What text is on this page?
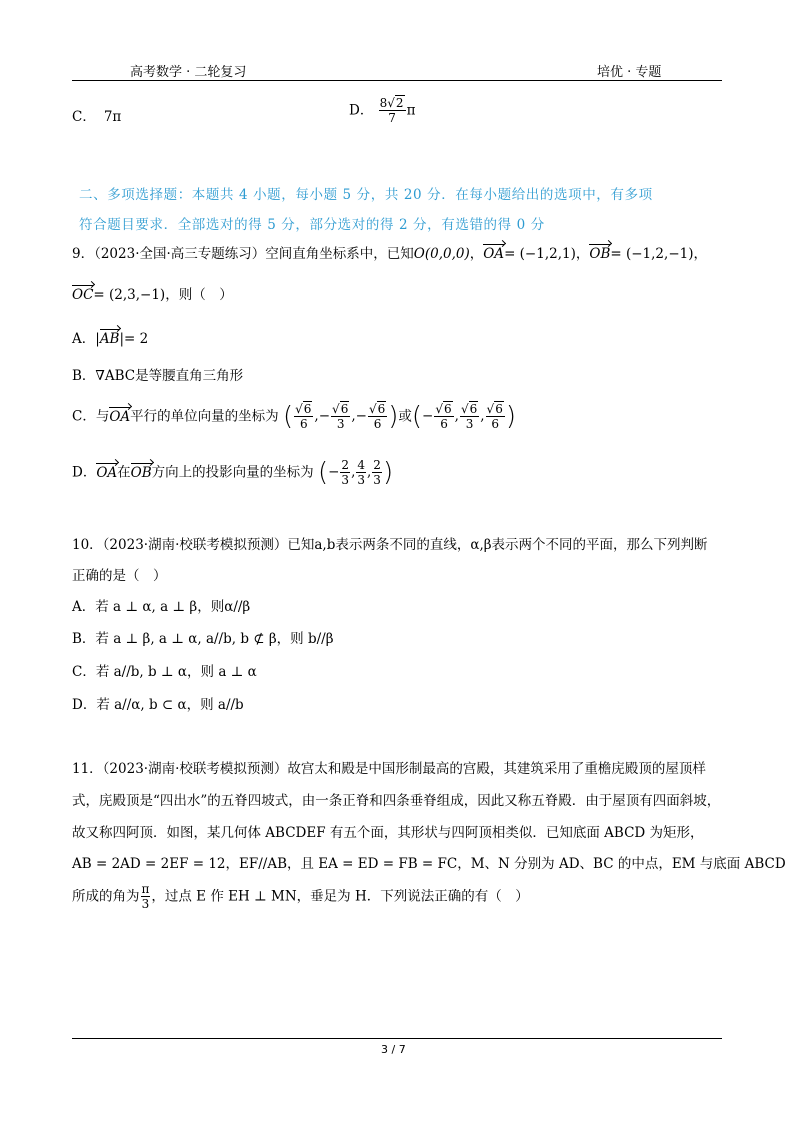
高考数学 · 二轮复习	培优 · 专题
C． 7π	D． $\frac{8√2}{7}$ π
二、多项选择题：本题共 4 小题，每小题 5 分，共 20 分．在每小题给出的选项中，有多项
符合题目要求．全部选对的得 5 分，部分选对的得 2 分，有选错的得 0 分
9．（2023·全国·高三专题练习）空间直角坐标系中，已知O(0,0,0)，OA= (−1,2,1)，OB= (−1,2,−1)，
OC= (2,3,−1)，则（　）
A．|AB|= 2
B．∇ABC是等腰直角三角形
C．与OA平行的单位向量的坐标为 ( $\frac{√6}{6}$ ,− $\frac{√6}{3}$ ,− $\frac{√6}{6}$ )或(− $\frac{√6}{6}$ , $\frac{√6}{3}$ , $\frac{√6}{6}$ )
D．OA在OB方向上的投影向量的坐标为 (− $\frac{2}{3}$ , $\frac{4}{3}$ , $\frac{2}{3}$ )
10．（2023·湖南·校联考模拟预测）已知a,b表示两条不同的直线，α,β表示两个不同的平面，那么下列判断
正确的是（　）
A．若 a ⊥ α, a ⊥ β，则α//β
B．若 a ⊥ β, a ⊥ α, a//b, b ⊄ β，则 b//β
C．若 a//b, b ⊥ α，则 a ⊥ α
D．若 a//α, b ⊂ α，则 a//b
11．（2023·湖南·校联考模拟预测）故宫太和殿是中国形制最高的宫殿，其建筑采用了重檐庑殿顶的屋顶样
式，庑殿顶是“四出水”的五脊四坡式，由一条正脊和四条垂脊组成，因此又称五脊殿．由于屋顶有四面斜坡，
故又称四阿顶．如图，某几何体 ABCDEF 有五个面，其形状与四阿顶相类似．已知底面 ABCD 为矩形，
AB = 2AD = 2EF = 12，EF//AB，且 EA = ED = FB = FC，M、N 分别为 AD、BC 的中点，EM 与底面 ABCD
所成的角为 $\frac{\pi}{3}$ ，过点 E 作 EH ⊥ MN，垂足为 H．下列说法正确的有（　）
3 / 7
